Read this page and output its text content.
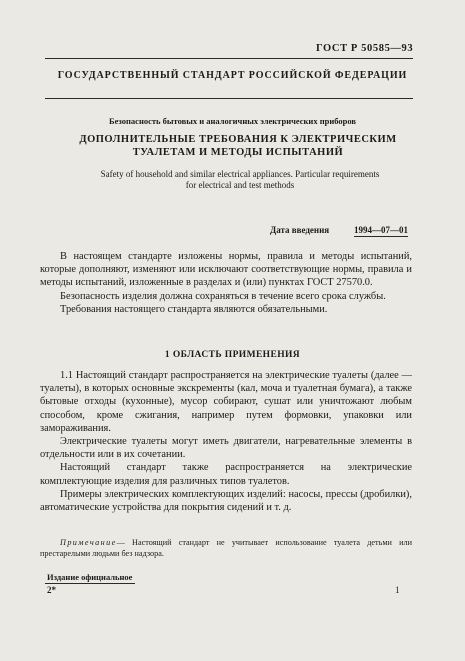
ГОСТ Р 50585—93
ГОСУДАРСТВЕННЫЙ СТАНДАРТ РОССИЙСКОЙ ФЕДЕРАЦИИ
Безопасность бытовых и аналогичных электрических приборов
ДОПОЛНИТЕЛЬНЫЕ ТРЕБОВАНИЯ К ЭЛЕКТРИЧЕСКИМ ТУАЛЕТАМ И МЕТОДЫ ИСПЫТАНИЙ
Safety of household and similar electrical appliances. Particular requirements for electrical and test methods
Дата введения	1994—07—01

В настоящем стандарте изложены нормы, правила и методы испытаний, которые дополняют, изменяют или исключают соответствующие нормы, правила и методы испытаний, изложенные в разделах и (или) пунктах ГОСТ 27570.0.

Безопасность изделия должна сохраняться в течение всего срока службы.

Требования настоящего стандарта являются обязательными.

1 ОБЛАСТЬ ПРИМЕНЕНИЯ

1.1 Настоящий стандарт распространяется на электрические туалеты (далее — туалеты), в которых основные экскременты (кал, моча и туалетная бумага), а также бытовые отходы (кухонные), мусор собирают, сушат или уничтожают любым способом, кроме сжигания, например путем формовки, упаковки или замораживания.

Электрические туалеты могут иметь двигатели, нагревательные элементы в отдельности или в их сочетании.

Настоящий стандарт также распространяется на электрические комплектующие изделия для различных типов туалетов.

Примеры электрических комплектующих изделий: насосы, прессы (дробилки), автоматические устройства для покрытия сидений и т. д.

Примечание— Настоящий стандарт не учитывает использование туалета детьми или престарелыми людьми без надзора.

Издание официальное
2*	1
